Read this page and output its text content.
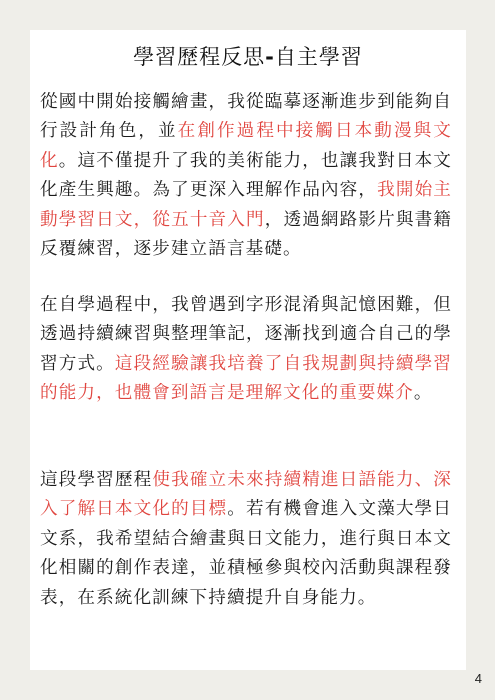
學習歷程反思-自主學習

從國中開始接觸繪畫，我從臨摹逐漸進步到能夠自行設計角色，並在創作過程中接觸日本動漫與文化。這不僅提升了我的美術能力，也讓我對日本文化產生興趣。為了更深入理解作品內容，我開始主動學習日文，從五十音入門，透過網路影片與書籍反覆練習，逐步建立語言基礎。

在自學過程中，我曾遇到字形混淆與記憶困難，但透過持續練習與整理筆記，逐漸找到適合自己的學習方式。這段經驗讓我培養了自我規劃與持續學習的能力，也體會到語言是理解文化的重要媒介。

這段學習歷程使我確立未來持續精進日語能力、深入了解日本文化的目標。若有機會進入文藻大學日文系，我希望結合繪畫與日文能力，進行與日本文化相關的創作表達，並積極參與校內活動與課程發表，在系統化訓練下持續提升自身能力。

4
